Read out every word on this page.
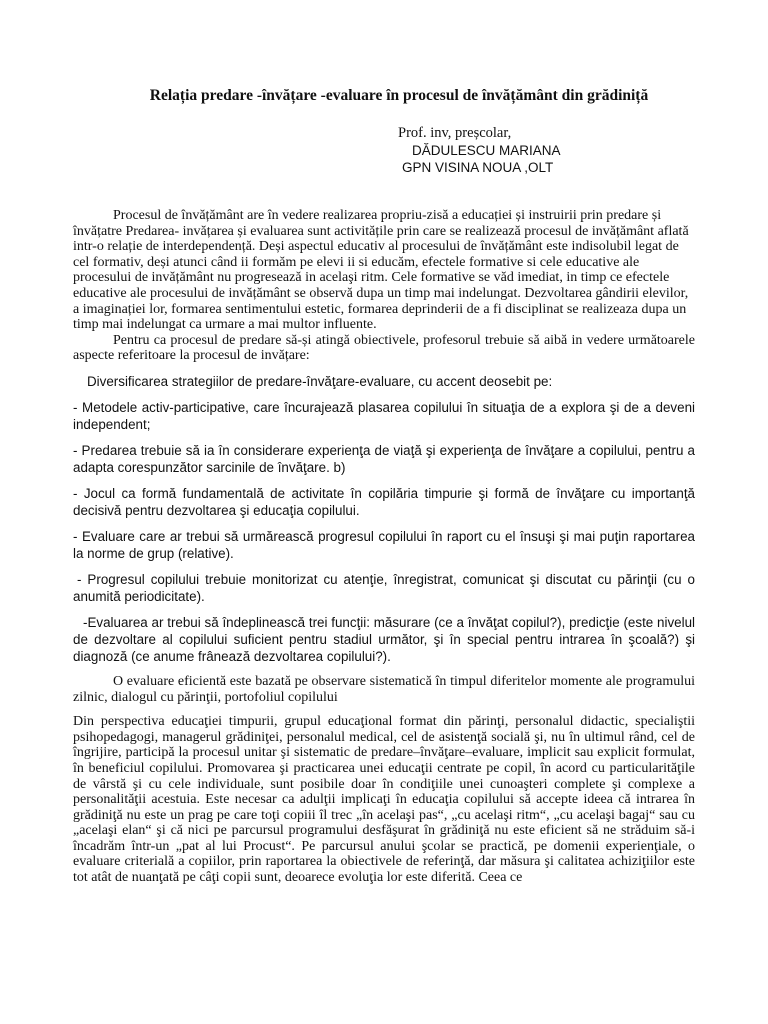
Relația predare -învățare -evaluare în procesul de învățământ din grădiniță
Prof. inv, preșcolar,
DĂDULESCU MARIANA
GPN VISINA NOUA ,OLT

Procesul de învățământ are în vedere realizarea propriu-zisă a educației și instruirii prin predare și învățatre Predarea- invățarea și evaluarea sunt activitățile prin care se realizează procesul de invățământ aflată intr-o relație de interdependență. Deși aspectul educativ al procesului de învățământ este indisolubil legat de cel formativ, deși atunci când ii formăm pe elevi ii si educăm, efectele formative si cele educative ale procesului de invățământ nu progresează in acelaşi ritm. Cele formative se văd imediat, in timp ce efectele educative ale procesului de invățământ se observă dupa un timp mai indelungat. Dezvoltarea gândirii elevilor, a imaginației lor, formarea sentimentului estetic, formarea deprinderii de a fi disciplinat se realizeaza dupa un timp mai indelungat ca urmare a mai multor influente.

Pentru ca procesul de predare să-și atingă obiectivele, profesorul trebuie să aibă in vedere următoarele aspecte referitoare la procesul de invățare:

Diversificarea strategiilor de predare-învăţare-evaluare, cu accent deosebit pe:

- Metodele activ-participative, care încurajează plasarea copilului în situaţia de a explora şi de a deveni independent;

- Predarea trebuie să ia în considerare experienţa de viaţă şi experienţa de învăţare a copilului, pentru a adapta corespunzător sarcinile de învăţare. b)

- Jocul ca formă fundamentală de activitate în copilăria timpurie şi formă de învăţare cu importanţă decisivă pentru dezvoltarea şi educaţia copilului.

- Evaluare care ar trebui să urmărească progresul copilului în raport cu el însuşi şi mai puţin raportarea la norme de grup (relative).

- Progresul copilului trebuie monitorizat cu atenţie, înregistrat, comunicat şi discutat cu părinţii (cu o anumită periodicitate).

-Evaluarea ar trebui să îndeplinească trei funcţii: măsurare (ce a învăţat copilul?), predicţie (este nivelul de dezvoltare al copilului suficient pentru stadiul următor, şi în special pentru intrarea în şcoală?) şi diagnoză (ce anume frânează dezvoltarea copilului?).

O evaluare eficientă este bazată pe observare sistematică în timpul diferitelor momente ale programului zilnic, dialogul cu părinţii, portofoliul copilului

Din perspectiva educaţiei timpurii, grupul educaţional format din părinţi, personalul didactic, specialiştii psihopedagogi, managerul grădiniţei, personalul medical, cel de asistenţă socială şi, nu în ultimul rând, cel de îngrijire, participă la procesul unitar şi sistematic de predare–învăţare–evaluare, implicit sau explicit formulat, în beneficiul copilului. Promovarea şi practicarea unei educaţii centrate pe copil, în acord cu particularităţile de vârstă şi cu cele individuale, sunt posibile doar în condiţiile unei cunoaşteri complete şi complexe a personalităţii acestuia. Este necesar ca adulţii implicaţi în educaţia copilului să accepte ideea că intrarea în grădiniţă nu este un prag pe care toţi copiii îl trec „în acelaşi pas“, „cu acelaşi ritm“, „cu acelaşi bagaj“ sau cu „acelaşi elan“ şi că nici pe parcursul programului desfăşurat în grădiniţă nu este eficient să ne străduim să-i încadrăm într-un „pat al lui Procust“. Pe parcursul anului şcolar se practică, pe domenii experienţiale, o evaluare criterială a copiilor, prin raportarea la obiectivele de referinţă, dar măsura şi calitatea achiziţiilor este tot atât de nuanţată pe câţi copii sunt, deoarece evoluţia lor este diferită. Ceea ce
